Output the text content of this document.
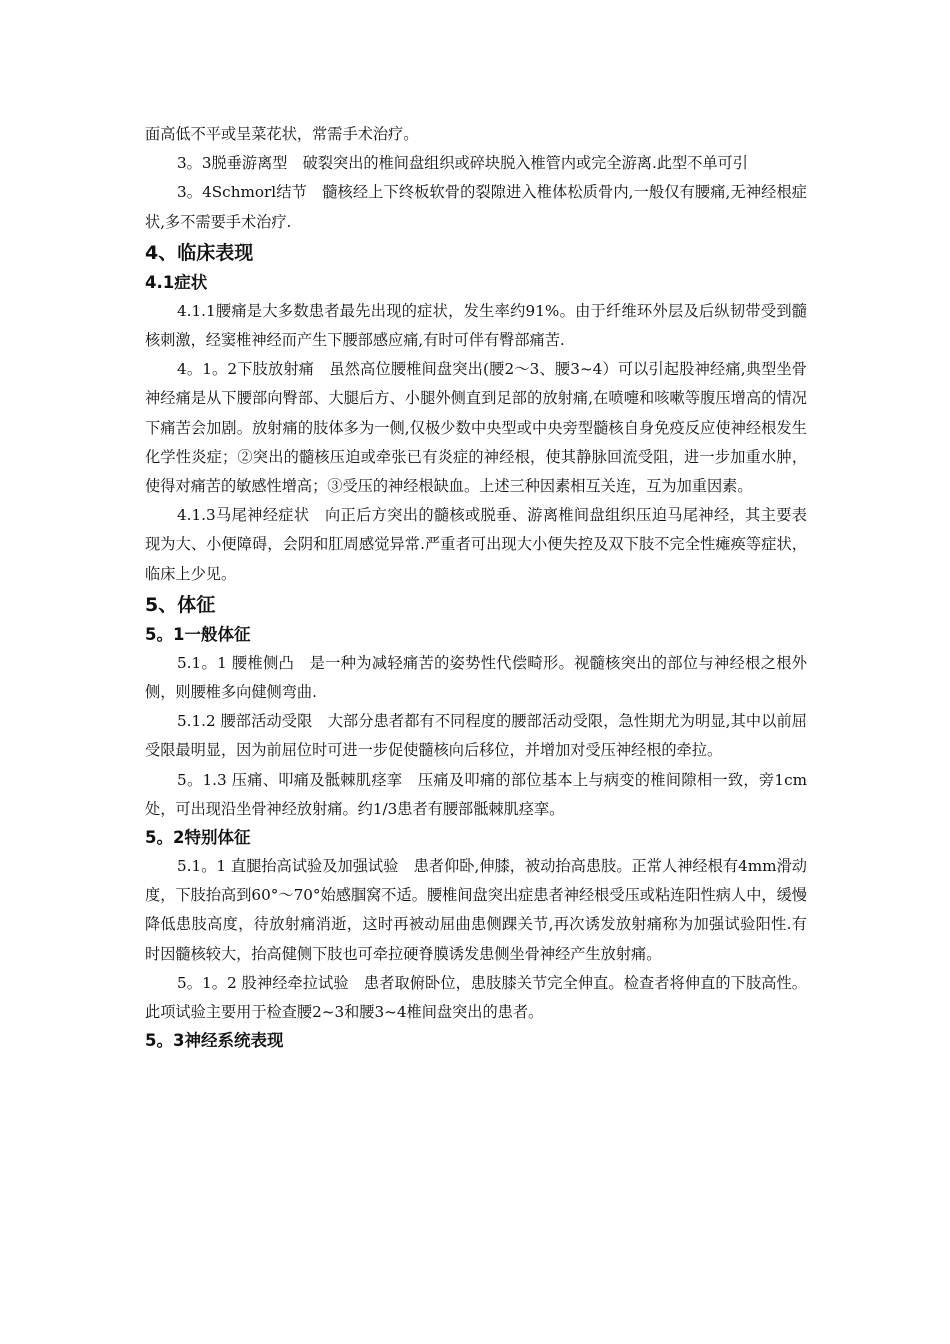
面高低不平或呈菜花状，常需手术治疗。

3。3脱垂游离型　破裂突出的椎间盘组织或碎块脱入椎管内或完全游离.此型不单可引

3。4Schmorl结节　髓核经上下终板软骨的裂隙进入椎体松质骨内,一般仅有腰痛,无神经根症状,多不需要手术治疗.

4、临床表现
4.1症状

4.1.1腰痛是大多数患者最先出现的症状，发生率约91%。由于纤维环外层及后纵韧带受到髓核刺激，经窦椎神经而产生下腰部感应痛,有时可伴有臀部痛苦.

4。1。2下肢放射痛　虽然高位腰椎间盘突出(腰2～3、腰3~4）可以引起股神经痛,典型坐骨神经痛是从下腰部向臀部、大腿后方、小腿外侧直到足部的放射痛,在喷嚏和咳嗽等腹压增高的情况下痛苦会加剧。放射痛的肢体多为一侧,仅极少数中央型或中央旁型髓核自身免疫反应使神经根发生化学性炎症；②突出的髓核压迫或牵张已有炎症的神经根，使其静脉回流受阻，进一步加重水肿，使得对痛苦的敏感性增高；③受压的神经根缺血。上述三种因素相互关连，互为加重因素。

4.1.3马尾神经症状　向正后方突出的髓核或脱垂、游离椎间盘组织压迫马尾神经，其主要表现为大、小便障碍，会阴和肛周感觉异常.严重者可出现大小便失控及双下肢不完全性瘫痪等症状，临床上少见。

5、体征
5。1一般体征

5.1。1 腰椎侧凸　是一种为减轻痛苦的姿势性代偿畸形。视髓核突出的部位与神经根之根外侧，则腰椎多向健侧弯曲.

5.1.2 腰部活动受限　大部分患者都有不同程度的腰部活动受限，急性期尤为明显,其中以前屈受限最明显，因为前屈位时可进一步促使髓核向后移位，并增加对受压神经根的牵拉。

5。1.3 压痛、叩痛及骶棘肌痉挛　压痛及叩痛的部位基本上与病变的椎间隙相一致，旁1cm处，可出现沿坐骨神经放射痛。约1/3患者有腰部骶棘肌痉挛。

5。2特别体征

5.1。1 直腿抬高试验及加强试验　患者仰卧,伸膝，被动抬高患肢。正常人神经根有4mm滑动度，下肢抬高到60°～70°始感腘窝不适。腰椎间盘突出症患者神经根受压或粘连阳性病人中，缓慢降低患肢高度，待放射痛消逝，这时再被动屈曲患侧踝关节,再次诱发放射痛称为加强试验阳性.有时因髓核较大，抬高健侧下肢也可牵拉硬脊膜诱发患侧坐骨神经产生放射痛。

5。1。2 股神经牵拉试验　患者取俯卧位，患肢膝关节完全伸直。检查者将伸直的下肢高性。此项试验主要用于检查腰2~3和腰3~4椎间盘突出的患者。

5。3神经系统表现
